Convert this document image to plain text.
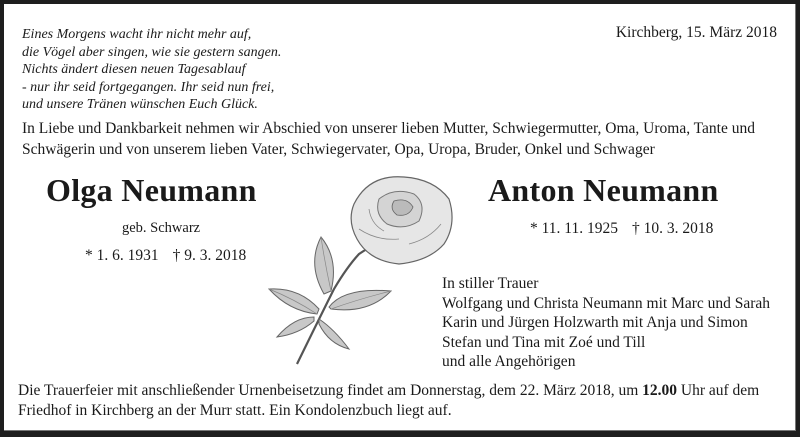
Eines Morgens wacht ihr nicht mehr auf,
die Vögel aber singen, wie sie gestern sangen.
Nichts ändert diesen neuen Tagesablauf
- nur ihr seid fortgegangen. Ihr seid nun frei,
und unsere Tränen wünschen Euch Glück.
Kirchberg, 15. März 2018
In Liebe und Dankbarkeit nehmen wir Abschied von unserer lieben Mutter, Schwiegermutter, Oma, Uroma, Tante und
Schwägerin und von unserem lieben Vater, Schwiegervater, Opa, Uropa, Bruder, Onkel und Schwager
Olga Neumann
geb. Schwarz
* 1. 6. 1931 † 9. 3. 2018
Anton Neumann
* 11. 11. 1925 † 10. 3. 2018
In stiller Trauer
Wolfgang und Christa Neumann mit Marc und Sarah
Karin und Jürgen Holzwarth mit Anja und Simon
Stefan und Tina mit Zoé und Till
und alle Angehörigen
Die Trauerfeier mit anschließender Urnenbeisetzung findet am Donnerstag, dem 22. März 2018, um 12.00 Uhr auf dem
Friedhof in Kirchberg an der Murr statt. Ein Kondolenzbuch liegt auf.
